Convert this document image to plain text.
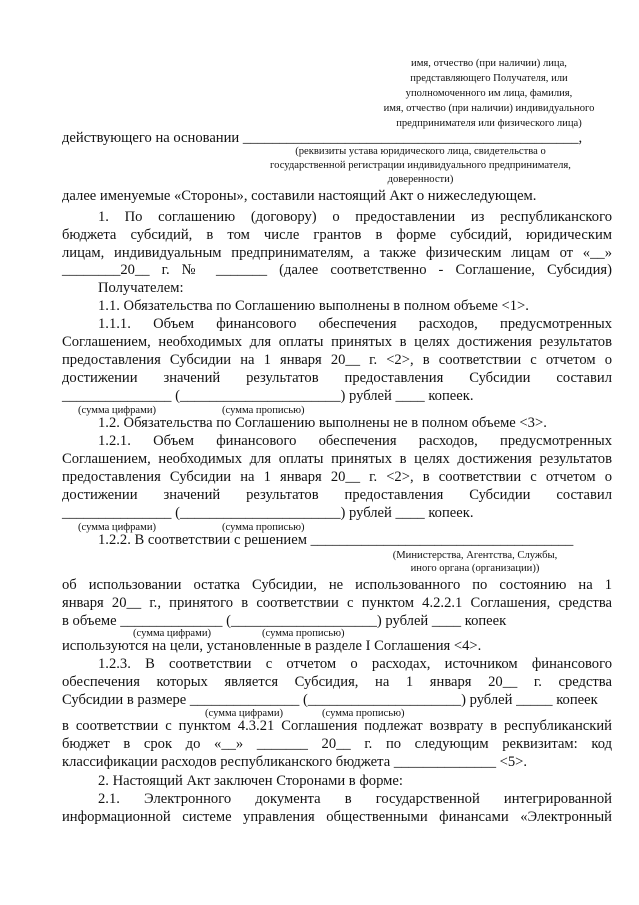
имя, отчество (при наличии) лица,
представляющего Получателя, или
уполномоченного им лица, фамилия,
имя, отчество (при наличии) индивидуального
предпринимателя или физического лица)
действующего на основании ______________________________________________,
(реквизиты устава юридического лица, свидетельства о
государственной регистрации индивидуального предпринимателя,
доверенности)
далее именуемые «Стороны», составили настоящий Акт о нижеследующем.
1. По соглашению (договору) о предоставлении из республиканского
бюджета субсидий, в том числе грантов в форме субсидий, юридическим
лицам, индивидуальным предпринимателям, а также физическим лицам от «__»
________20__ г. № _______ (далее соответственно - Соглашение, Субсидия)
Получателем:
1.1. Обязательства по Соглашению выполнены в полном объеме <1>.
1.1.1. Объем финансового обеспечения расходов, предусмотренных
Соглашением, необходимых для оплаты принятых в целях достижения результатов
предоставления Субсидии на 1 января 20__ г. <2>, в соответствии с отчетом о
достижении значений результатов предоставления Субсидии составил
_______________ (______________________) рублей ____ копеек.
(сумма цифрами)	(сумма прописью)
1.2. Обязательства по Соглашению выполнены не в полном объеме <3>.
1.2.1. Объем финансового обеспечения расходов, предусмотренных
Соглашением, необходимых для оплаты принятых в целях достижения результатов
предоставления Субсидии на 1 января 20__ г. <2>, в соответствии с отчетом о
достижении значений результатов предоставления Субсидии составил
_______________ (______________________) рублей ____ копеек.
(сумма цифрами)	(сумма прописью)
1.2.2. В соответствии с решением ____________________________________
(Министерства, Агентства, Службы,
иного органа (организации))
об использовании остатка Субсидии, не использованного по состоянию на 1
января 20__ г., принятого в соответствии с пунктом 4.2.2.1 Соглашения, средства
в объеме ______________ (____________________) рублей ____ копеек
(сумма цифрами)	(сумма прописью)
используются на цели, установленные в разделе I Соглашения <4>.
1.2.3. В соответствии с отчетом о расходах, источником финансового
обеспечения которых является Субсидия, на 1 января 20__ г. средства
Субсидии в размере _______________ (_____________________) рублей _____ копеек
(сумма цифрами)	(сумма прописью)
в соответствии с пунктом 4.3.21 Соглашения подлежат возврату в республиканский
бюджет в срок до «__» _______ 20__ г. по следующим реквизитам: код
классификации расходов республиканского бюджета ______________ <5>.
2. Настоящий Акт заключен Сторонами в форме:
2.1. Электронного документа в государственной интегрированной
информационной системе управления общественными финансами «Электронный
